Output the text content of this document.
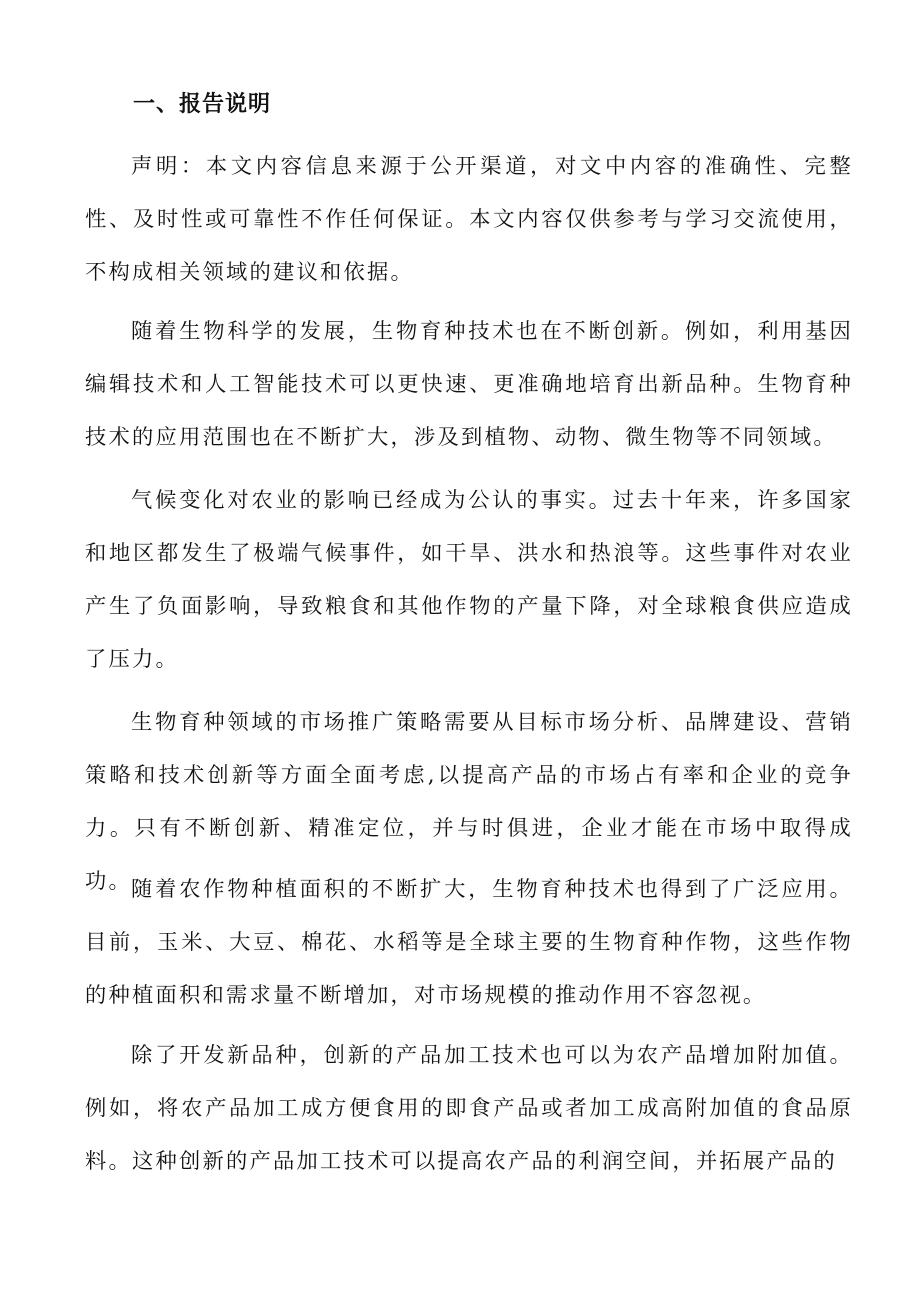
一、报告说明

声明：本文内容信息来源于公开渠道，对文中内容的准确性、完整性、及时性或可靠性不作任何保证。本文内容仅供参考与学习交流使用，不构成相关领域的建议和依据。

随着生物科学的发展，生物育种技术也在不断创新。例如，利用基因编辑技术和人工智能技术可以更快速、更准确地培育出新品种。生物育种技术的应用范围也在不断扩大，涉及到植物、动物、微生物等不同领域。

气候变化对农业的影响已经成为公认的事实。过去十年来，许多国家和地区都发生了极端气候事件，如干旱、洪水和热浪等。这些事件对农业产生了负面影响，导致粮食和其他作物的产量下降，对全球粮食供应造成了压力。

生物育种领域的市场推广策略需要从目标市场分析、品牌建设、营销策略和技术创新等方面全面考虑,以提高产品的市场占有率和企业的竞争力。只有不断创新、精准定位，并与时俱进，企业才能在市场中取得成功。 随着农作物种植面积的不断扩大，生物育种技术也得到了广泛应用。目前，玉米、大豆、棉花、水稻等是全球主要的生物育种作物，这些作物的种植面积和需求量不断增加，对市场规模的推动作用不容忽视。

除了开发新品种，创新的产品加工技术也可以为农产品增加附加值。例如，将农产品加工成方便食用的即食产品或者加工成高附加值的食品原料。这种创新的产品加工技术可以提高农产品的利润空间，并拓展产品的
